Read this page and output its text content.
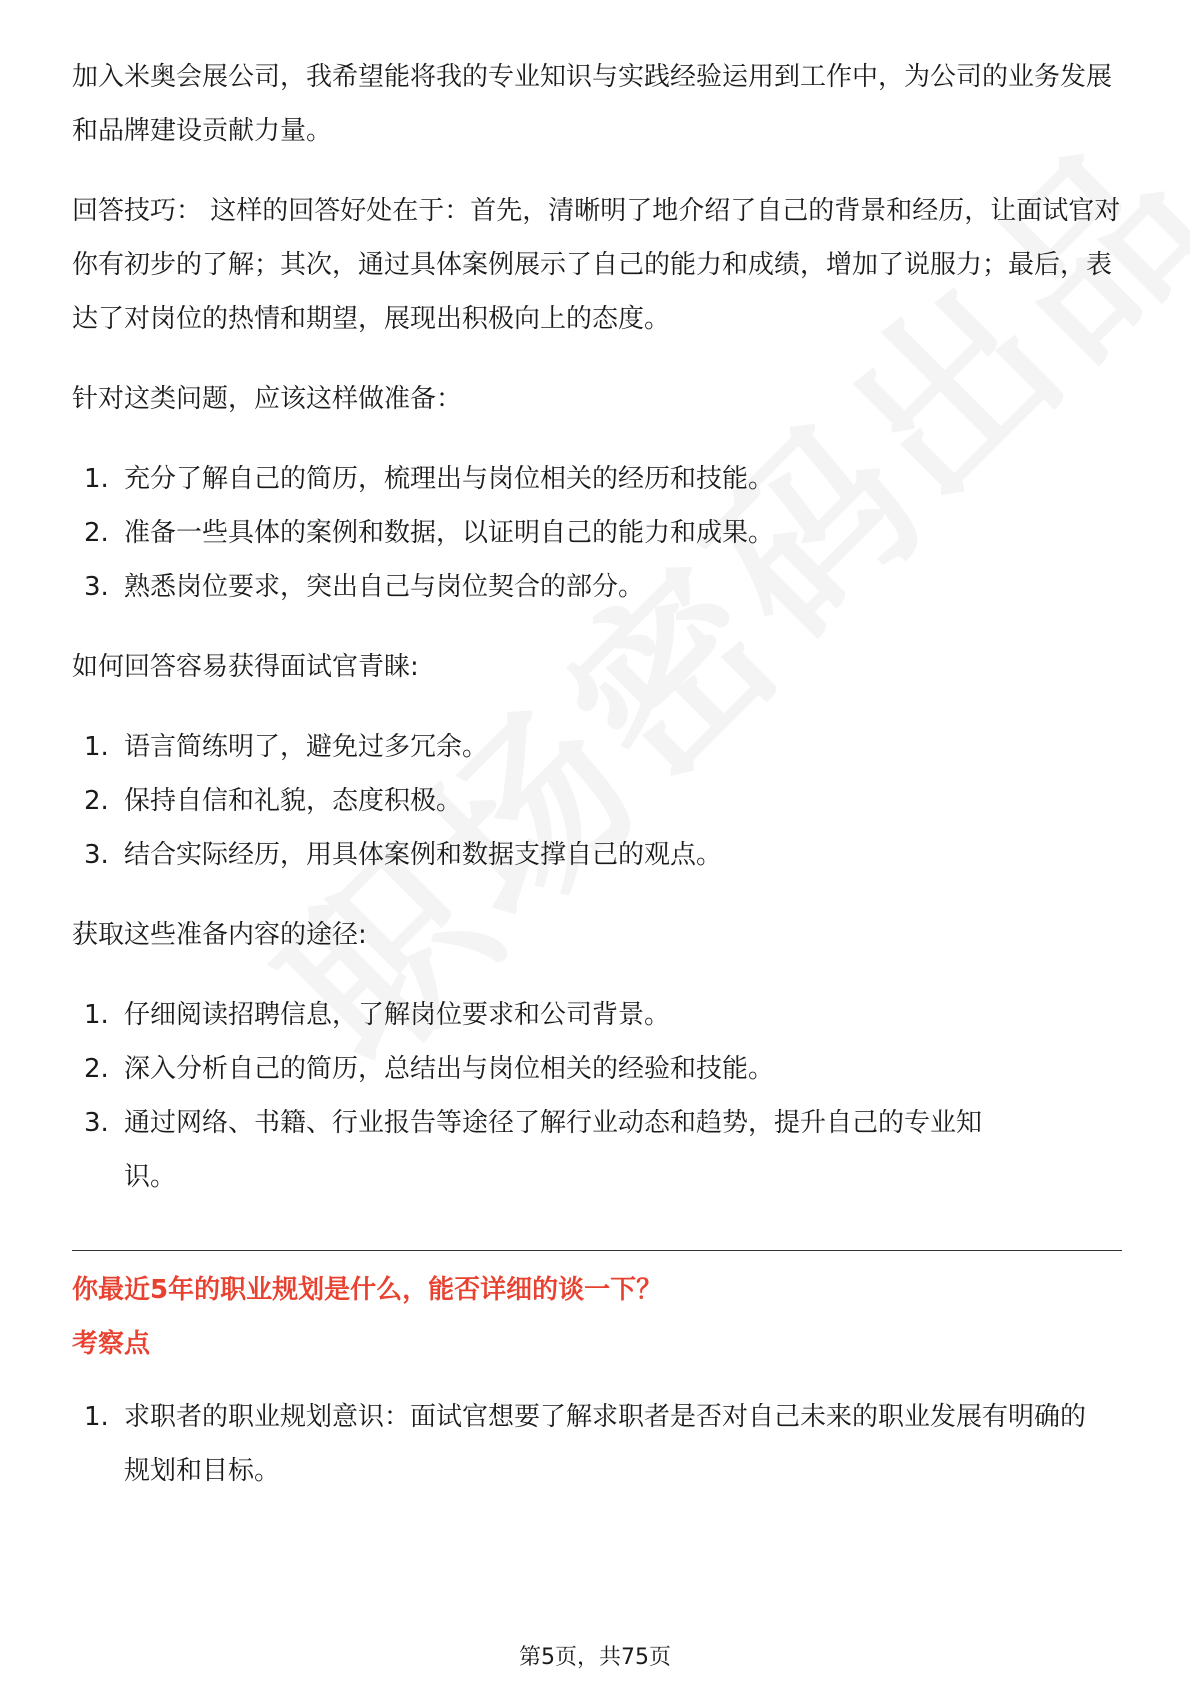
加入米奥会展公司，我希望能将我的专业知识与实践经验运用到工作中，为公司的业务发展和品牌建设贡献力量。

回答技巧： 这样的回答好处在于：首先，清晰明了地介绍了自己的背景和经历，让面试官对你有初步的了解；其次，通过具体案例展示了自己的能力和成绩，增加了说服力；最后，表达了对岗位的热情和期望，展现出积极向上的态度。

针对这类问题，应该这样做准备：

1. 充分了解自己的简历，梳理出与岗位相关的经历和技能。
2. 准备一些具体的案例和数据，以证明自己的能力和成果。
3. 熟悉岗位要求，突出自己与岗位契合的部分。

如何回答容易获得面试官青睐:

1. 语言简练明了，避免过多冗余。
2. 保持自信和礼貌，态度积极。
3. 结合实际经历，用具体案例和数据支撑自己的观点。

获取这些准备内容的途径:

1. 仔细阅读招聘信息，了解岗位要求和公司背景。
2. 深入分析自己的简历，总结出与岗位相关的经验和技能。
3. 通过网络、书籍、行业报告等途径了解行业动态和趋势，提升自己的专业知识。
你最近5年的职业规划是什么，能否详细的谈一下？
考察点
1. 求职者的职业规划意识：面试官想要了解求职者是否对自己未来的职业发展有明确的规划和目标。
第5页，共75页
